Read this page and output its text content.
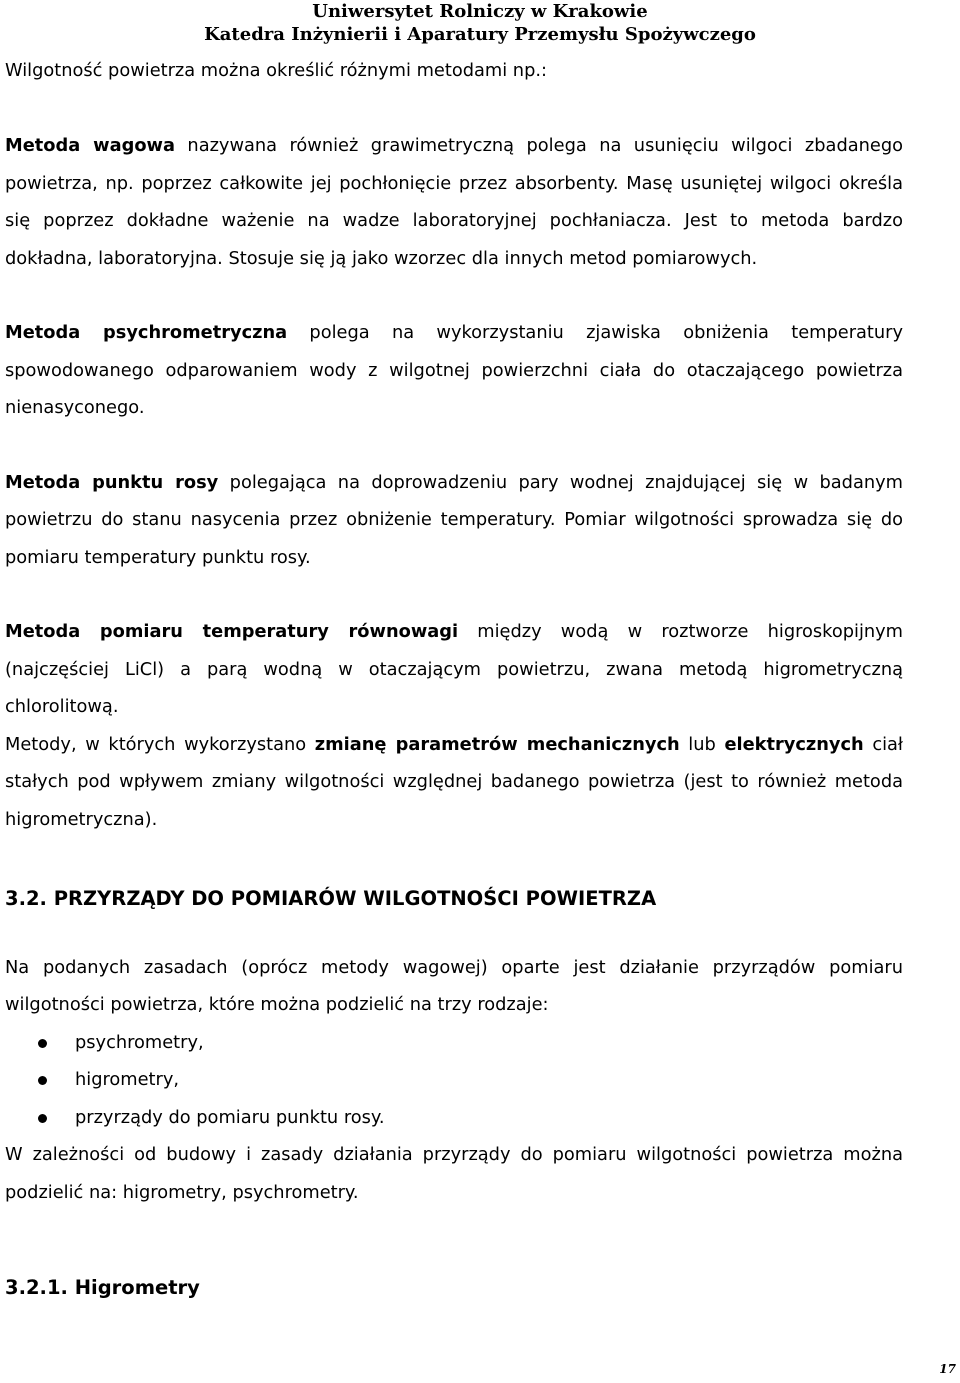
Uniwersytet Rolniczy w Krakowie
Katedra Inżynierii i Aparatury Przemysłu Spożywczego

Wilgotność powietrza można określić różnymi metodami np.:

Metoda wagowa nazywana również grawimetryczną polega na usunięciu wilgoci zbadanego powietrza, np. poprzez całkowite jej pochłonięcie przez absorbenty. Masę usuniętej wilgoci określa się poprzez dokładne ważenie na wadze laboratoryjnej pochłaniacza. Jest to metoda bardzo dokładna, laboratoryjna. Stosuje się ją jako wzorzec dla innych metod pomiarowych.

Metoda psychrometryczna polega na wykorzystaniu zjawiska obniżenia temperatury spowodowanego odparowaniem wody z wilgotnej powierzchni ciała do otaczającego powietrza nienasyconego.

Metoda punktu rosy polegająca na doprowadzeniu pary wodnej znajdującej się w badanym powietrzu do stanu nasycenia przez obniżenie temperatury. Pomiar wilgotności sprowadza się do pomiaru temperatury punktu rosy.

Metoda pomiaru temperatury równowagi między wodą w roztworze higroskopijnym (najczęściej LiCl) a parą wodną w otaczającym powietrzu, zwana metodą higrometryczną chlorolitową.

Metody, w których wykorzystano zmianę parametrów mechanicznych lub elektrycznych ciał stałych pod wpływem zmiany wilgotności względnej badanego powietrza (jest to również metoda higrometryczna).

3.2. PRZYRZĄDY DO POMIARÓW WILGOTNOŚCI POWIETRZA

Na podanych zasadach (oprócz metody wagowej) oparte jest działanie przyrządów pomiaru wilgotności powietrza, które można podzielić na trzy rodzaje:

psychrometry,
higrometry,
przyrządy do pomiaru punktu rosy.

W zależności od budowy i zasady działania przyrządy do pomiaru wilgotności powietrza można podzielić na: higrometry, psychrometry.

3.2.1. Higrometry

17
